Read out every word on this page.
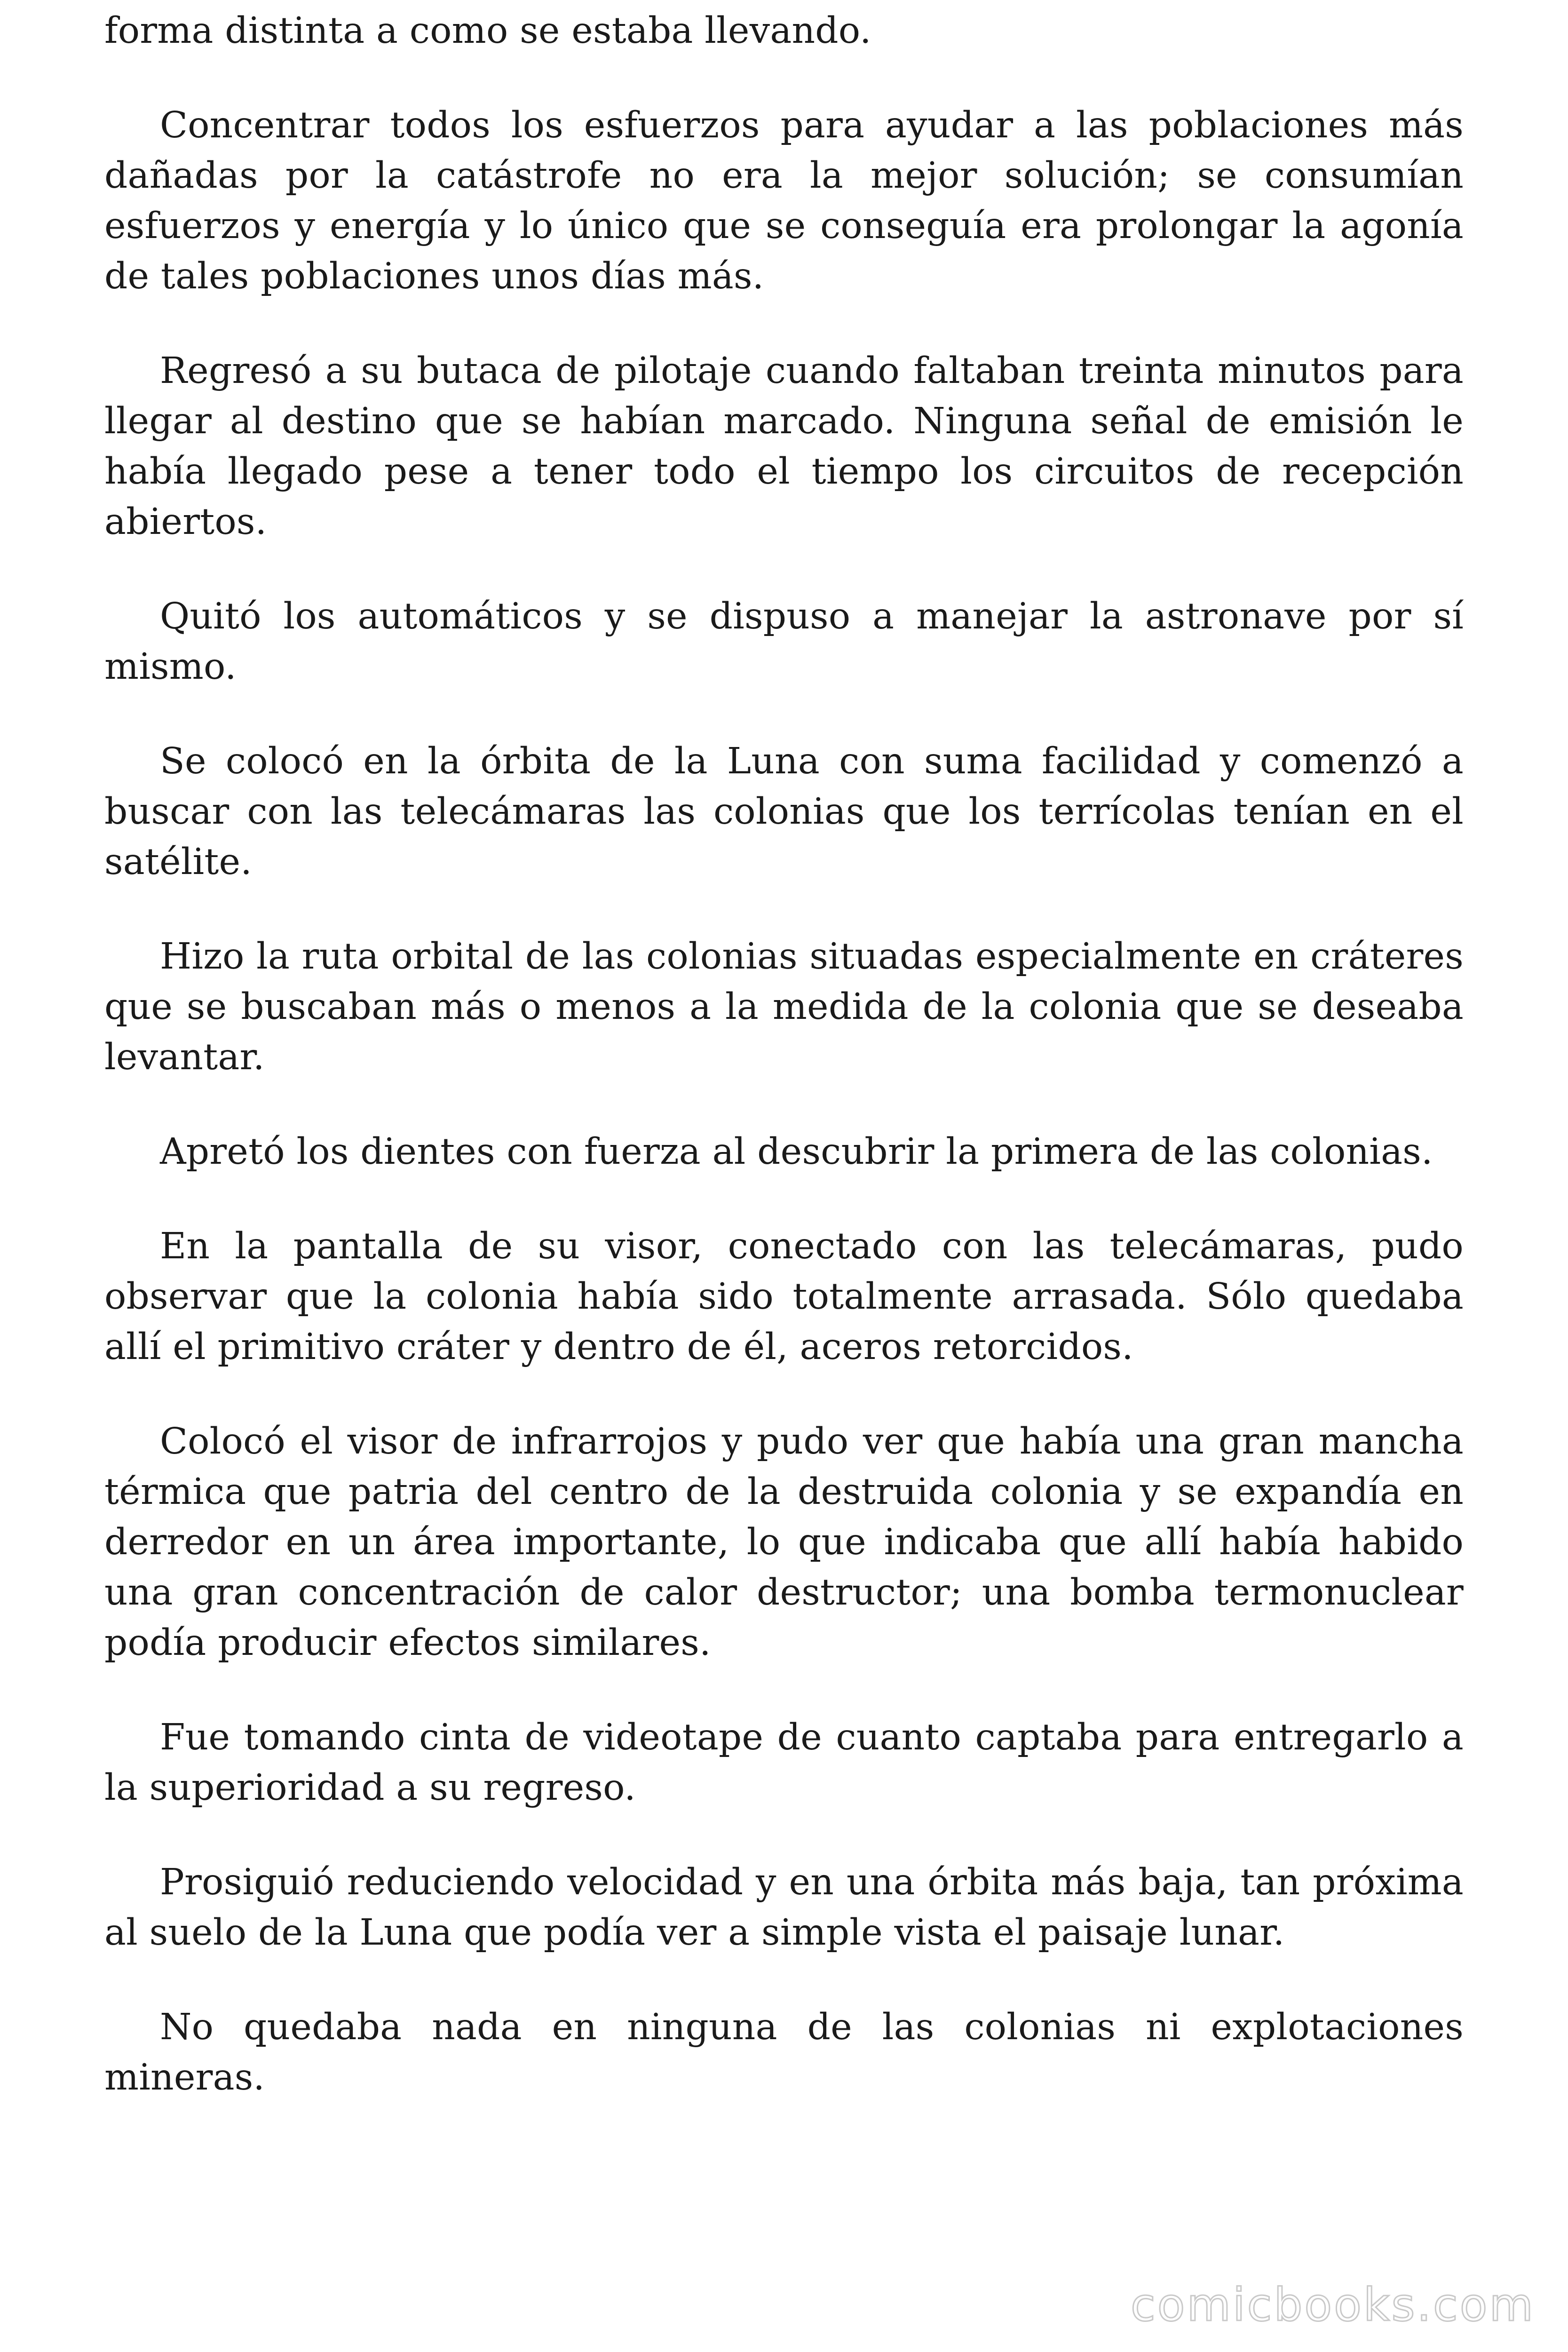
forma distinta a como se estaba llevando.

Concentrar todos los esfuerzos para ayudar a las poblaciones más dañadas por la catástrofe no era la mejor solución; se consumían esfuerzos y energía y lo único que se conseguía era prolongar la agonía de tales poblaciones unos días más.

Regresó a su butaca de pilotaje cuando faltaban treinta minutos para llegar al destino que se habían marcado. Ninguna señal de emisión le había llegado pese a tener todo el tiempo los circuitos de recepción abiertos.

Quitó los automáticos y se dispuso a manejar la astronave por sí mismo.

Se colocó en la órbita de la Luna con suma facilidad y comenzó a buscar con las telecámaras las colonias que los terrícolas tenían en el satélite.

Hizo la ruta orbital de las colonias situadas especialmente en cráteres que se buscaban más o menos a la medida de la colonia que se deseaba levantar.

Apretó los dientes con fuerza al descubrir la primera de las colonias.

En la pantalla de su visor, conectado con las telecámaras, pudo observar que la colonia había sido totalmente arrasada. Sólo quedaba allí el primitivo cráter y dentro de él, aceros retorcidos.

Colocó el visor de infrarrojos y pudo ver que había una gran mancha térmica que patria del centro de la destruida colonia y se expandía en derredor en un área importante, lo que indicaba que allí había habido una gran concentración de calor destructor; una bomba termonuclear podía producir efectos similares.

Fue tomando cinta de videotape de cuanto captaba para entregarlo a la superioridad a su regreso.

Prosiguió reduciendo velocidad y en una órbita más baja, tan próxima al suelo de la Luna que podía ver a simple vista el paisaje lunar.

No quedaba nada en ninguna de las colonias ni explotaciones mineras.

comicbooks.com
